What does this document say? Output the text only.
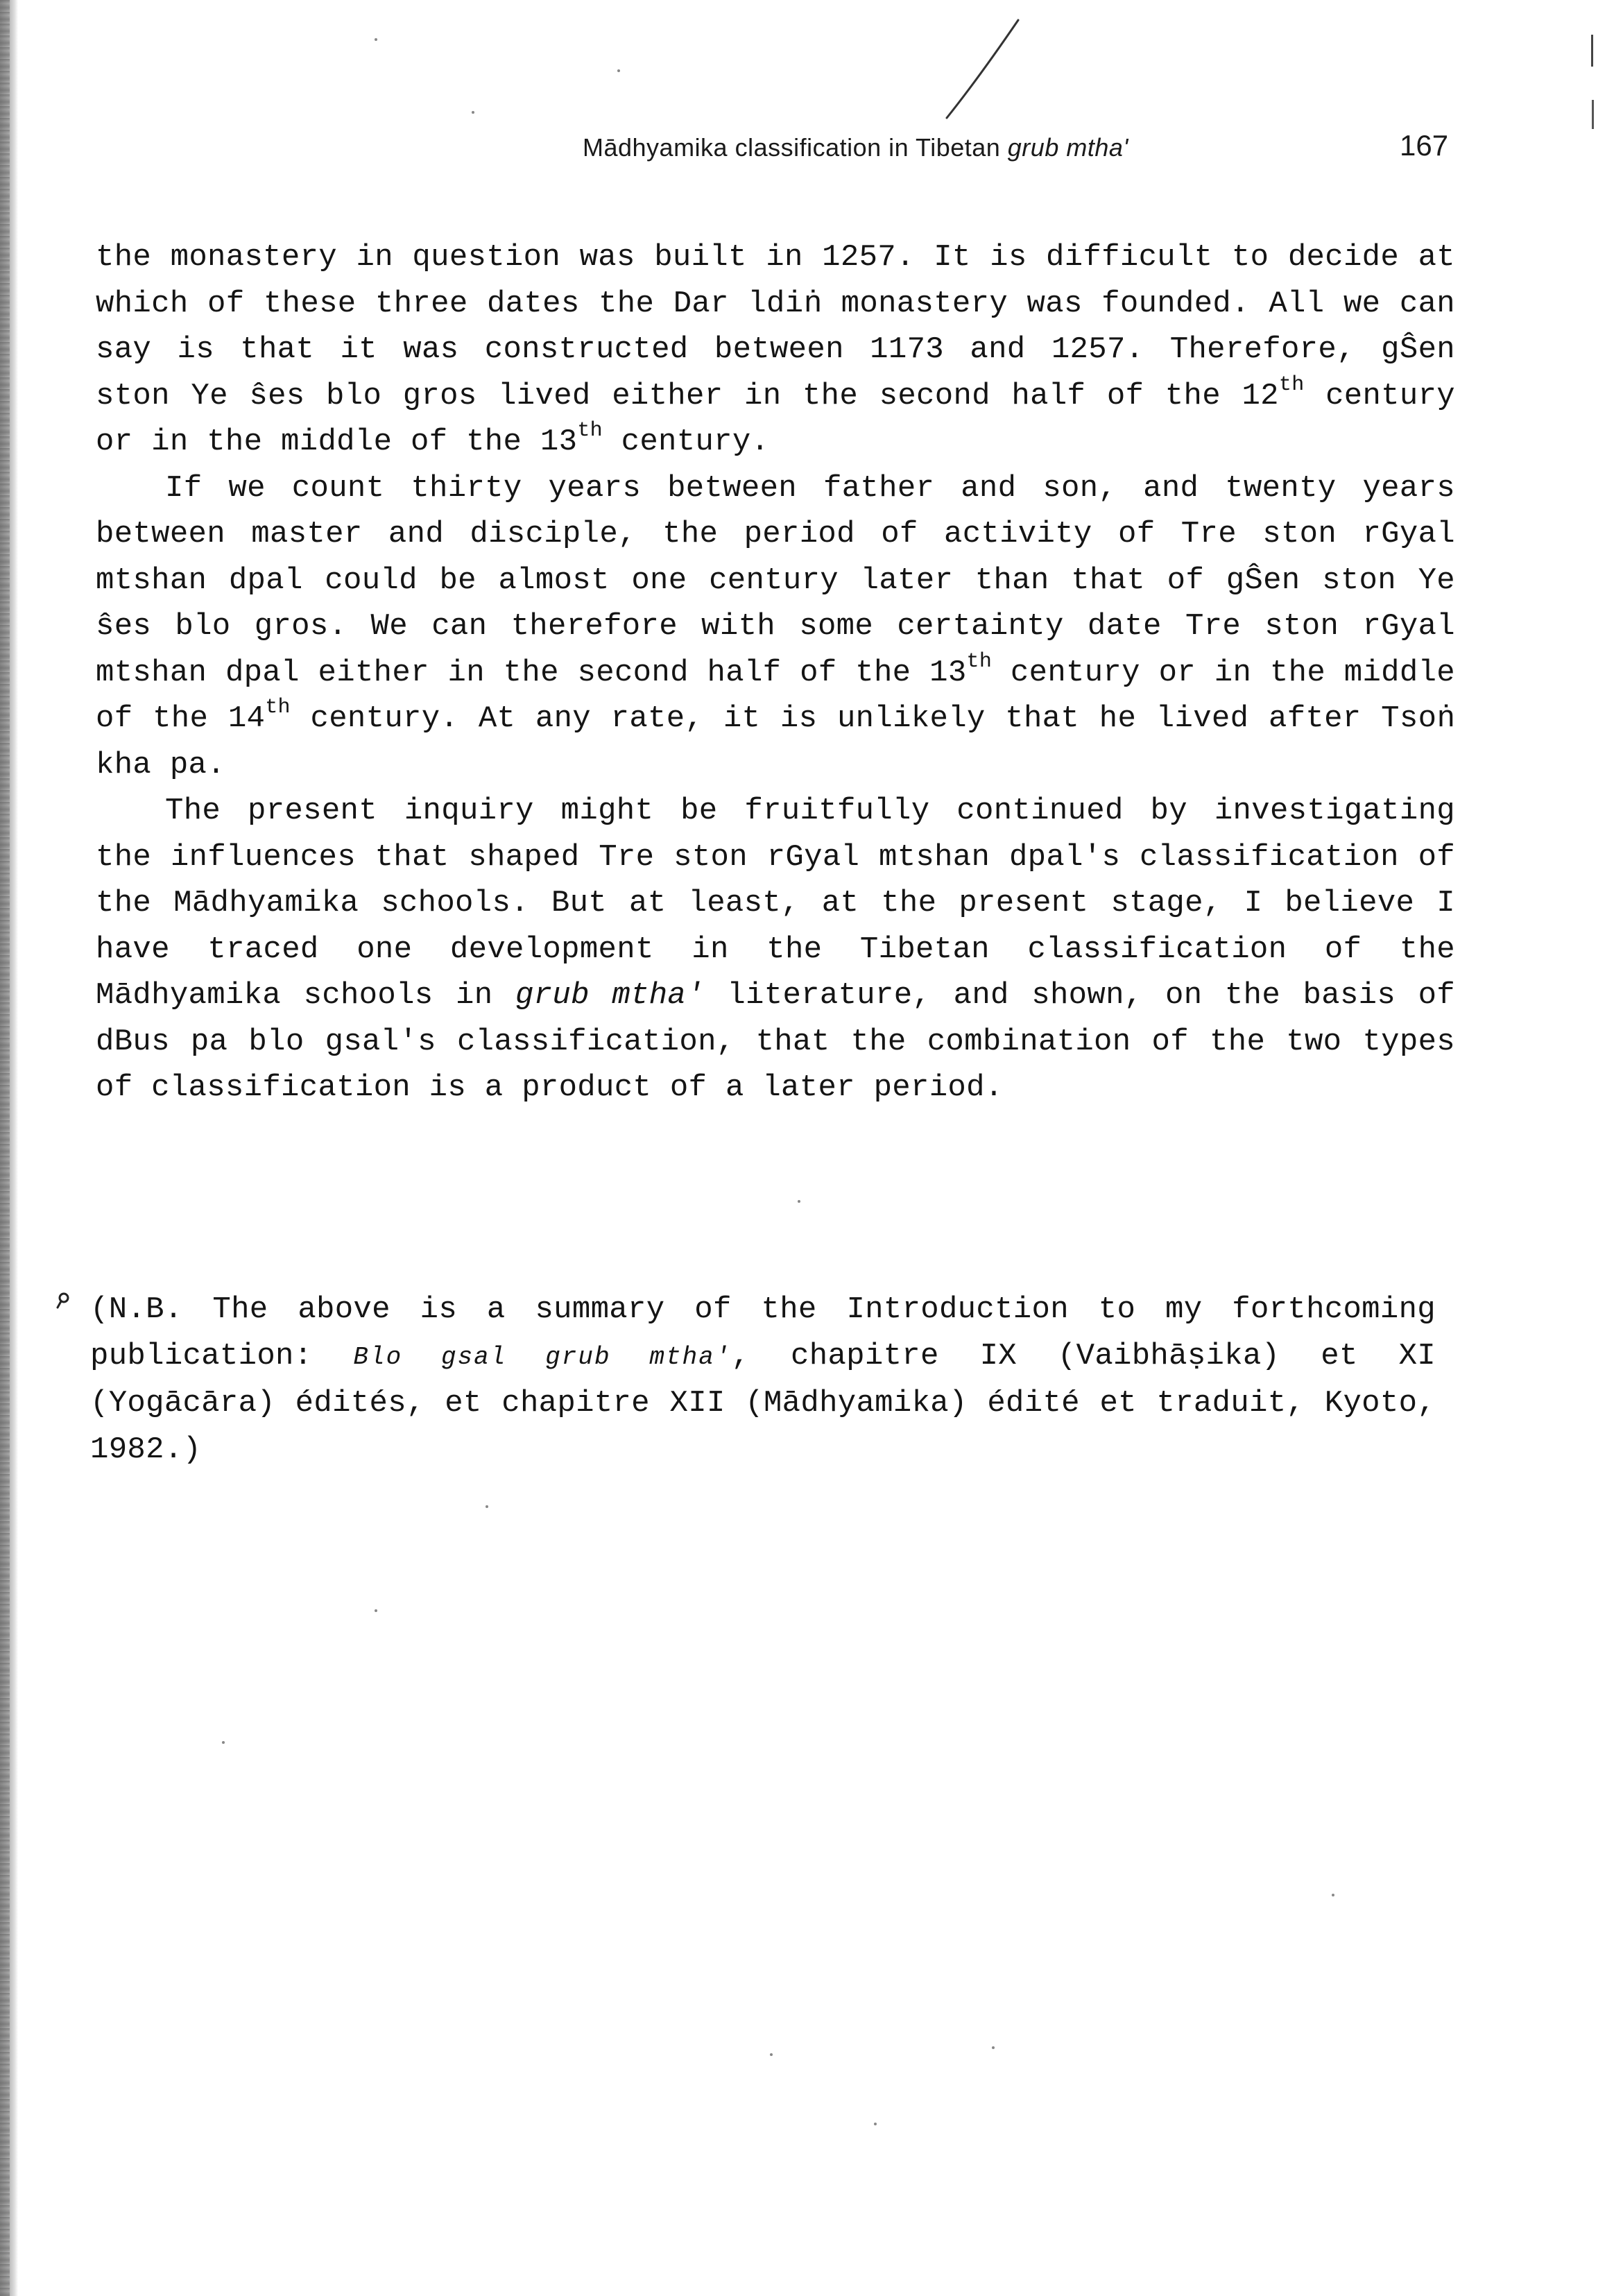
Mādhyamika classification in Tibetan grub mtha'	167

the monastery in question was built in 1257. It is difficult to decide at which of these three dates the Dar ldiṅ monastery was founded. All we can say is that it was constructed between 1173 and 1257. Therefore, gŜen ston Ye ŝes blo gros lived either in the second half of the 12th century or in the middle of the 13th century.

If we count thirty years between father and son, and twenty years between master and disciple, the period of activity of Tre ston rGyal mtshan dpal could be almost one century later than that of gŜen ston Ye ŝes blo gros. We can therefore with some certainty date Tre ston rGyal mtshan dpal either in the second half of the 13th century or in the middle of the 14th century. At any rate, it is unlikely that he lived after Tsoṅ kha pa.

The present inquiry might be fruitfully continued by investigating the influences that shaped Tre ston rGyal mtshan dpal's classification of the Mādhyamika schools. But at least, at the present stage, I believe I have traced one development in the Tibetan classification of the Mādhyamika schools in grub mtha' literature, and shown, on the basis of dBus pa blo gsal's classification, that the combination of the two types of classification is a product of a later period.

(N.B. The above is a summary of the Introduction to my forthcoming publication: Blo gsal grub mtha', chapitre IX (Vaibhāṣika) et XI (Yogācāra) édités, et chapitre XII (Mādhyamika) édité et traduit, Kyoto, 1982.)
